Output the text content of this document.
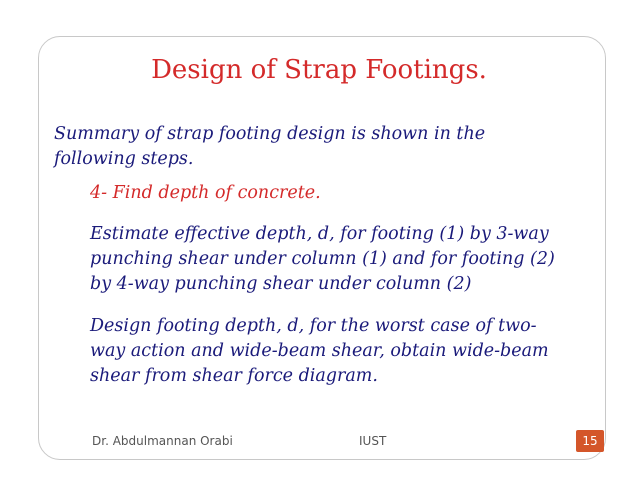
Design of Strap Footings.

Summary of strap footing design is shown in the following steps.

4- Find depth of concrete.

Estimate effective depth, d, for footing (1) by 3-way punching shear under column (1) and for footing (2) by 4-way punching shear under column (2)

Design footing depth, d, for the worst case of two-way action and wide-beam shear, obtain wide-beam shear from shear force diagram.

Dr. Abdulmannan Orabi	IUST	15
